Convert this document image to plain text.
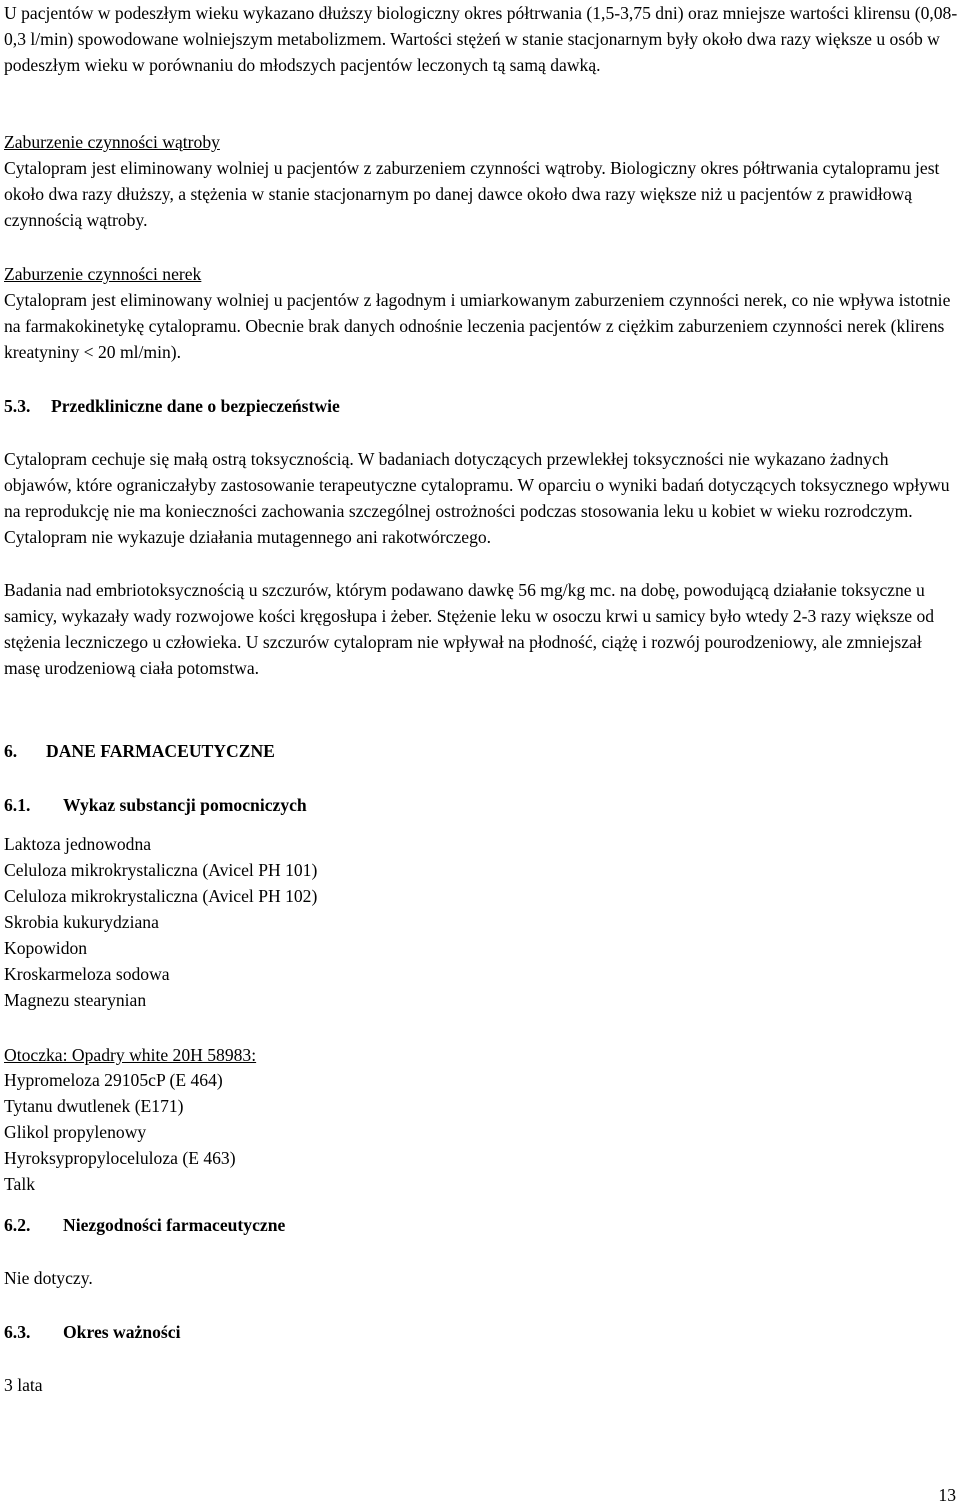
U pacjentów w podeszłym wieku wykazano dłuższy biologiczny okres półtrwania (1,5-3,75 dni) oraz mniejsze wartości klirensu (0,08-0,3 l/min) spowodowane wolniejszym metabolizmem. Wartości stężeń w stanie stacjonarnym były około dwa razy większe u osób w podeszłym wieku w porównaniu do młodszych pacjentów leczonych tą samą dawką.

Zaburzenie czynności wątroby

Cytalopram jest eliminowany wolniej u pacjentów z zaburzeniem czynności wątroby. Biologiczny okres półtrwania cytalopramu jest około dwa razy dłuższy, a stężenia w stanie stacjonarnym po danej dawce około dwa razy większe niż u pacjentów z prawidłową czynnością wątroby.

Zaburzenie czynności nerek

Cytalopram jest eliminowany wolniej u pacjentów z łagodnym i umiarkowanym zaburzeniem czynności nerek, co nie wpływa istotnie na farmakokinetykę cytalopramu. Obecnie brak danych odnośnie leczenia pacjentów z ciężkim zaburzeniem czynności nerek (klirens kreatyniny < 20 ml/min).

5.3. Przedkliniczne dane o bezpieczeństwie

Cytalopram cechuje się małą ostrą toksycznością. W badaniach dotyczących przewlekłej toksyczności nie wykazano żadnych objawów, które ograniczałyby zastosowanie terapeutyczne cytalopramu. W oparciu o wyniki badań dotyczących toksycznego wpływu na reprodukcję nie ma konieczności zachowania szczególnej ostrożności podczas stosowania leku u kobiet w wieku rozrodczym. Cytalopram nie wykazuje działania mutagennego ani rakotwórczego.

Badania nad embriotoksycznością u szczurów, którym podawano dawkę 56 mg/kg mc. na dobę, powodującą działanie toksyczne u samicy, wykazały wady rozwojowe kości kręgosłupa i żeber. Stężenie leku w osoczu krwi u samicy było wtedy 2-3 razy większe od stężenia leczniczego u człowieka. U szczurów cytalopram nie wpływał na płodność, ciążę i rozwój pourodzeniowy, ale zmniejszał masę urodzeniową ciała potomstwa.

6. DANE FARMACEUTYCZNE

6.1. Wykaz substancji pomocniczych

Laktoza jednowodna

Celuloza mikrokrystaliczna (Avicel PH 101)

Celuloza mikrokrystaliczna (Avicel PH 102)

Skrobia kukurydziana

Kopowidon

Kroskarmeloza sodowa

Magnezu stearynian

Otoczka: Opadry white 20H 58983:

Hypromeloza 29105cP (E 464)

Tytanu dwutlenek (E171)

Glikol propylenowy

Hyroksypropyloceluloza (E 463)

Talk

6.2. Niezgodności farmaceutyczne

Nie dotyczy.

6.3. Okres ważności

3 lata

13
